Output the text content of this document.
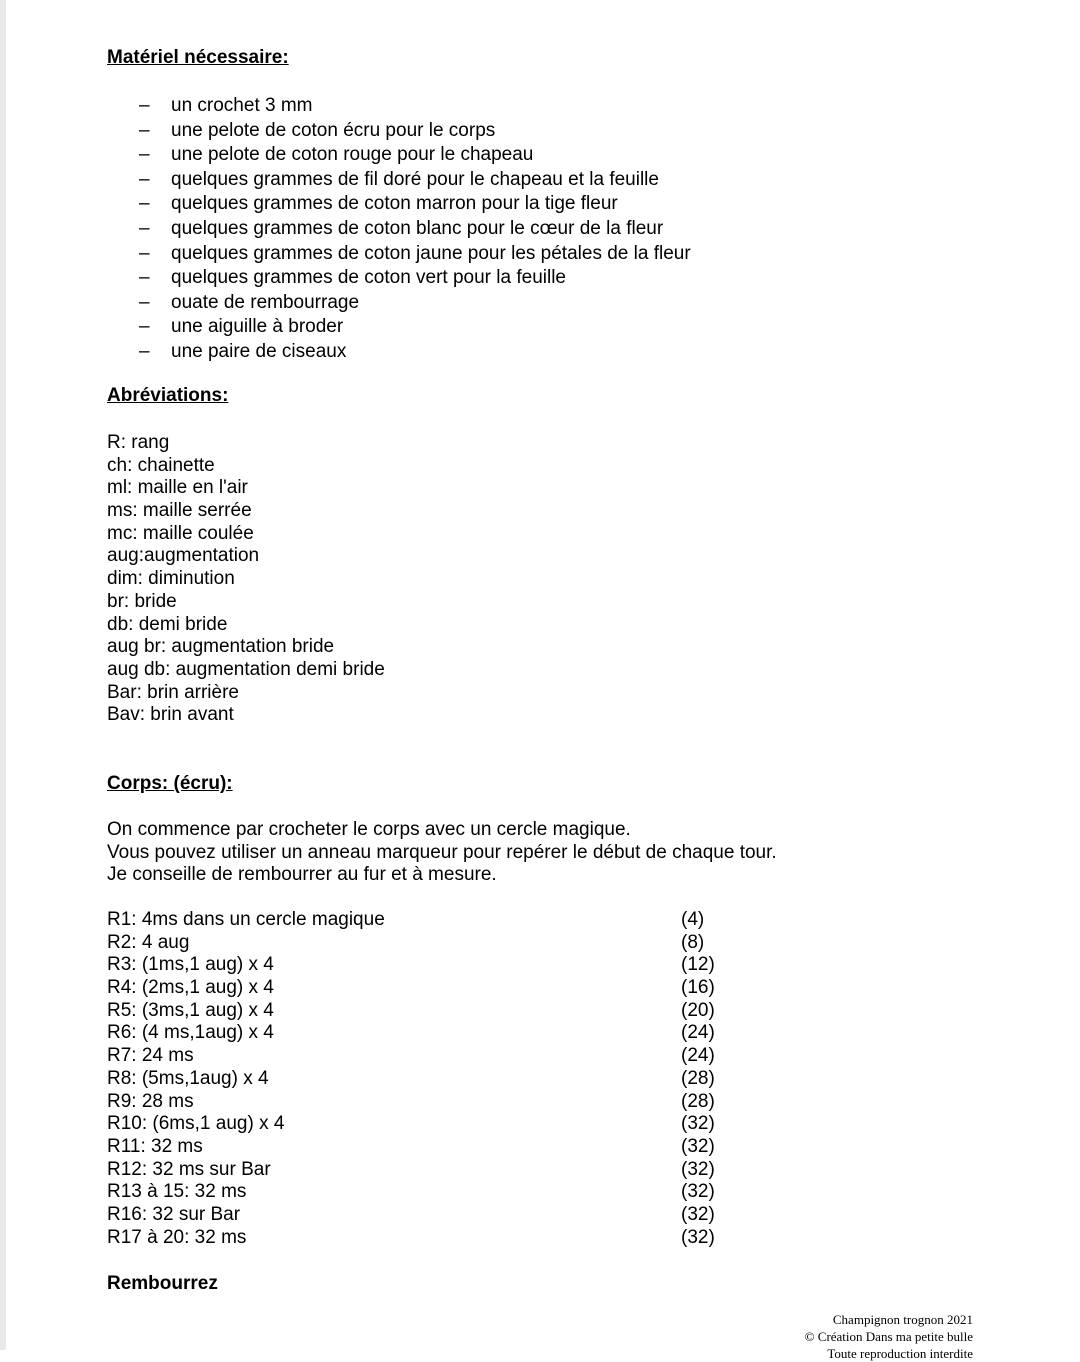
Matériel nécessaire:
– un crochet 3 mm
– une pelote de coton écru pour le corps
– une pelote de coton rouge pour le chapeau
– quelques grammes de fil doré pour le chapeau et la feuille
– quelques grammes de coton marron pour la tige fleur
– quelques grammes de coton blanc pour le cœur de la fleur
– quelques grammes de coton jaune pour les pétales de la fleur
– quelques grammes de coton vert pour la feuille
– ouate de rembourrage
– une aiguille à broder
– une paire de ciseaux
Abréviations:
R: rang
ch: chainette
ml: maille en l'air
ms: maille serrée
mc: maille coulée
aug:augmentation
dim: diminution
br: bride
db: demi bride
aug br: augmentation bride
aug db: augmentation demi bride
Bar: brin arrière
Bav: brin avant
Corps: (écru):
On commence par crocheter le corps avec un cercle magique.
Vous pouvez utiliser un anneau marqueur pour repérer le début de chaque tour.
Je conseille de rembourrer au fur et à mesure.
R1: 4ms dans un cercle magique	(4)
R2: 4 aug	(8)
R3: (1ms,1 aug) x 4	(12)
R4: (2ms,1 aug) x 4	(16)
R5: (3ms,1 aug) x 4	(20)
R6: (4 ms,1aug) x 4	(24)
R7: 24 ms	(24)
R8: (5ms,1aug) x 4	(28)
R9: 28 ms	(28)
R10: (6ms,1 aug) x 4	(32)
R11: 32 ms	(32)
R12: 32 ms sur Bar	(32)
R13 à 15: 32 ms	(32)
R16: 32 sur Bar	(32)
R17 à 20: 32 ms	(32)
Rembourrez
Champignon trognon 2021
© Création Dans ma petite bulle
Toute reproduction interdite
